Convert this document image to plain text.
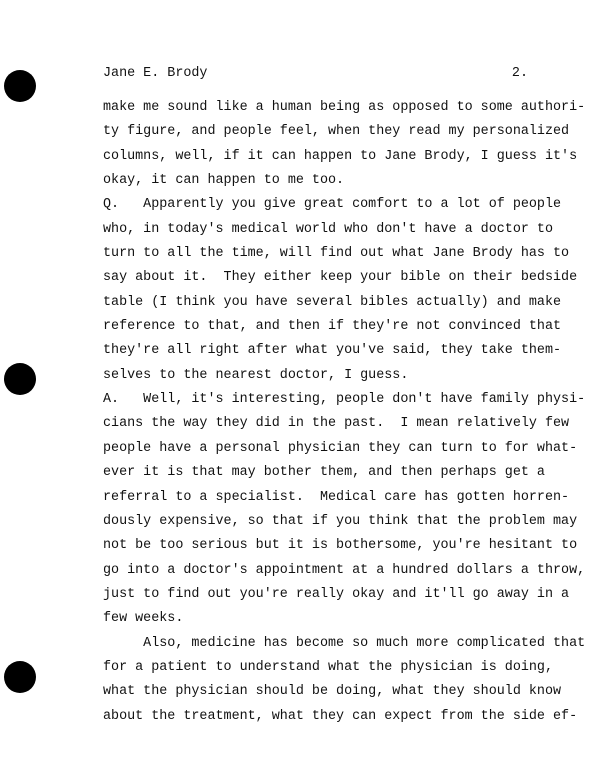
Jane E. Brody	2.
make me sound like a human being as opposed to some authori-
ty figure, and people feel, when they read my personalized
columns, well, if it can happen to Jane Brody, I guess it's
okay, it can happen to me too.
Q.   Apparently you give great comfort to a lot of people
who, in today's medical world who don't have a doctor to
turn to all the time, will find out what Jane Brody has to
say about it.  They either keep your bible on their bedside
table (I think you have several bibles actually) and make
reference to that, and then if they're not convinced that
they're all right after what you've said, they take them-
selves to the nearest doctor, I guess.
A.   Well, it's interesting, people don't have family physi-
cians the way they did in the past.  I mean relatively few
people have a personal physician they can turn to for what-
ever it is that may bother them, and then perhaps get a
referral to a specialist.  Medical care has gotten horren-
dously expensive, so that if you think that the problem may
not be too serious but it is bothersome, you're hesitant to
go into a doctor's appointment at a hundred dollars a throw,
just to find out you're really okay and it'll go away in a
few weeks.
Also, medicine has become so much more complicated that
for a patient to understand what the physician is doing,
what the physician should be doing, what they should know
about the treatment, what they can expect from the side ef-
